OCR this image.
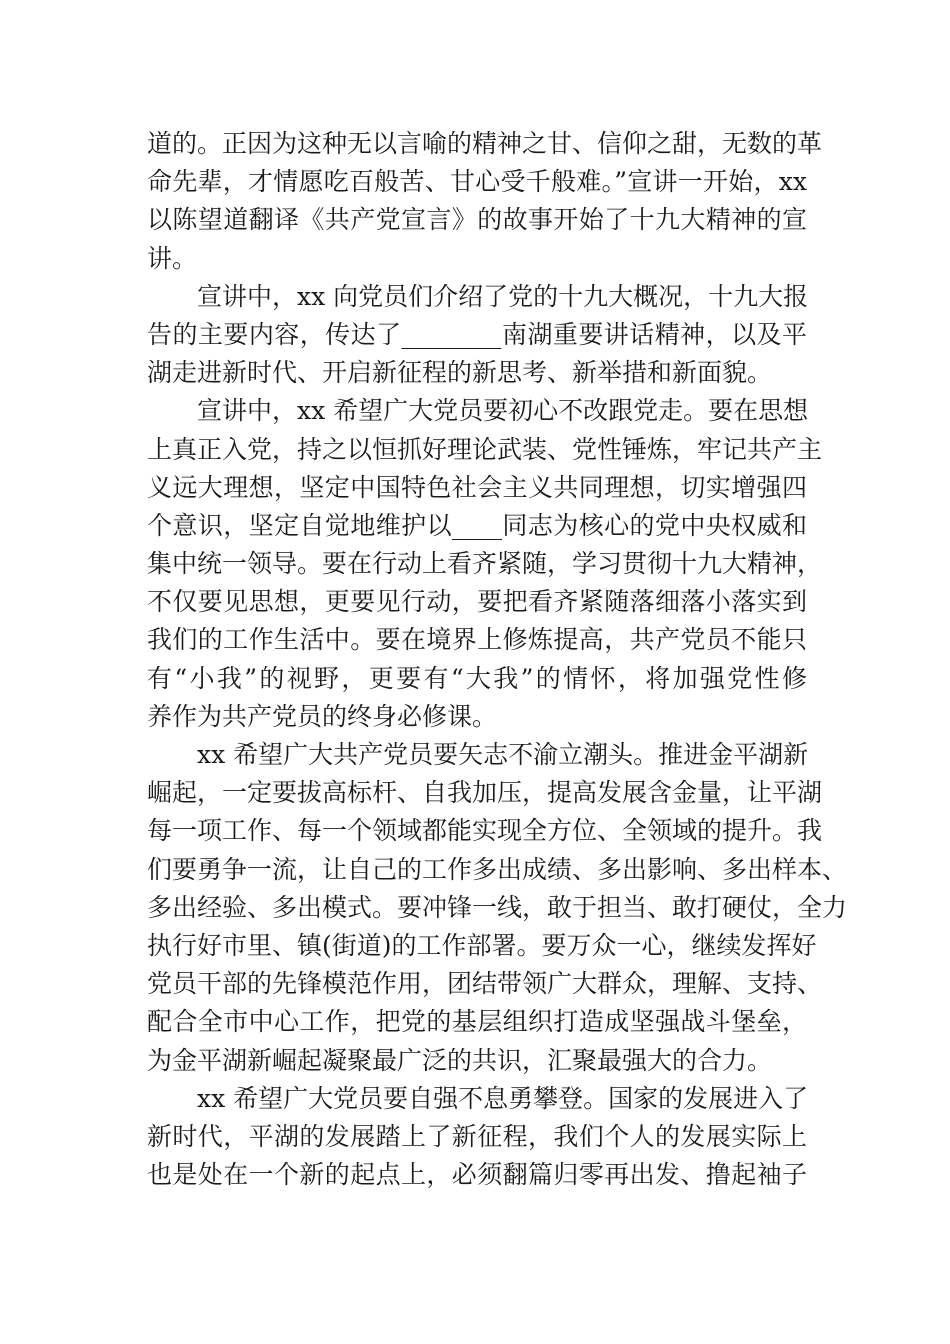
道的。正因为这种无以言喻的精神之甘、信仰之甜，无数的革
命先辈，才情愿吃百般苦、甘心受千般难。”宣讲一开始，xx
以陈望道翻译《共产党宣言》的故事开始了十九大精神的宣
讲。
　　宣讲中，xx 向党员们介绍了党的十九大概况，十九大报
告的主要内容，传达了________南湖重要讲话精神，以及平
湖走进新时代、开启新征程的新思考、新举措和新面貌。
　　宣讲中，xx 希望广大党员要初心不改跟党走。要在思想
上真正入党，持之以恒抓好理论武装、党性锤炼，牢记共产主
义远大理想，坚定中国特色社会主义共同理想，切实增强四
个意识，坚定自觉地维护以____同志为核心的党中央权威和
集中统一领导。要在行动上看齐紧随，学习贯彻十九大精神，
不仅要见思想，更要见行动，要把看齐紧随落细落小落实到
我们的工作生活中。要在境界上修炼提高，共产党员不能只
有“小我”的视野，更要有“大我”的情怀，将加强党性修
养作为共产党员的终身必修课。
　　xx 希望广大共产党员要矢志不渝立潮头。推进金平湖新
崛起，一定要拔高标杆、自我加压，提高发展含金量，让平湖
每一项工作、每一个领域都能实现全方位、全领域的提升。我
们要勇争一流，让自己的工作多出成绩、多出影响、多出样本、
多出经验、多出模式。要冲锋一线，敢于担当、敢打硬仗，全力
执行好市里、镇(街道)的工作部署。要万众一心，继续发挥好
党员干部的先锋模范作用，团结带领广大群众，理解、支持、
配合全市中心工作，把党的基层组织打造成坚强战斗堡垒，
为金平湖新崛起凝聚最广泛的共识，汇聚最强大的合力。
　　xx 希望广大党员要自强不息勇攀登。国家的发展进入了
新时代，平湖的发展踏上了新征程，我们个人的发展实际上
也是处在一个新的起点上，必须翻篇归零再出发、撸起袖子
